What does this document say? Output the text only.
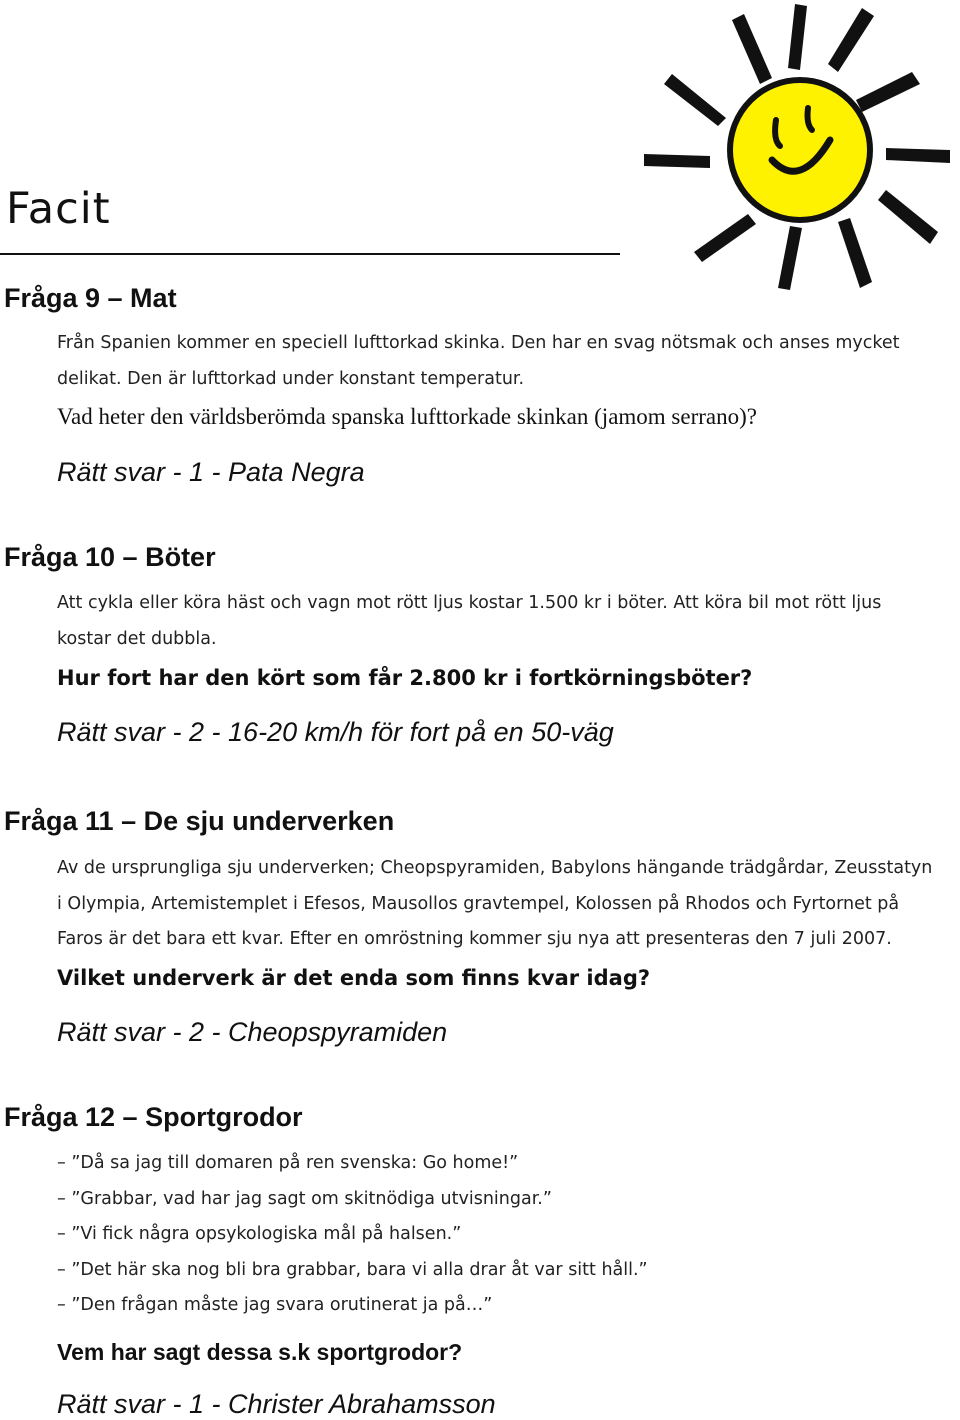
Facit
Fråga 9 – Mat

Från Spanien kommer en speciell lufttorkad skinka. Den har en svag nötsmak och anses mycket delikat. Den är lufttorkad under konstant temperatur.

Vad heter den världsberömda spanska lufttorkade skinkan (jamom serrano)?

Rätt svar - 1 - Pata Negra

Fråga 10 – Böter

Att cykla eller köra häst och vagn mot rött ljus kostar 1.500 kr i böter. Att köra bil mot rött ljus kostar det dubbla.

Hur fort har den kört som får 2.800 kr i fortkörningsböter?

Rätt svar - 2 - 16-20 km/h för fort på en 50-väg

Fråga 11 – De sju underverken

Av de ursprungliga sju underverken; Cheopspyramiden, Babylons hängande trädgårdar, Zeusstatyn i Olympia, Artemistemplet i Efesos, Mausollos gravtempel, Kolossen på Rhodos och Fyrtornet på Faros är det bara ett kvar. Efter en omröstning kommer sju nya att presenteras den 7 juli 2007.

Vilket underverk är det enda som finns kvar idag?

Rätt svar - 2 - Cheopspyramiden

Fråga 12 – Sportgrodor
– ”Då sa jag till domaren på ren svenska: Go home!”
– ”Grabbar, vad har jag sagt om skitnödiga utvisningar.”
– ”Vi fick några opsykologiska mål på halsen.”
– ”Det här ska nog bli bra grabbar, bara vi alla drar åt var sitt håll.”
– ”Den frågan måste jag svara orutinerat ja på…”

Vem har sagt dessa s.k sportgrodor?

Rätt svar - 1 - Christer Abrahamsson
